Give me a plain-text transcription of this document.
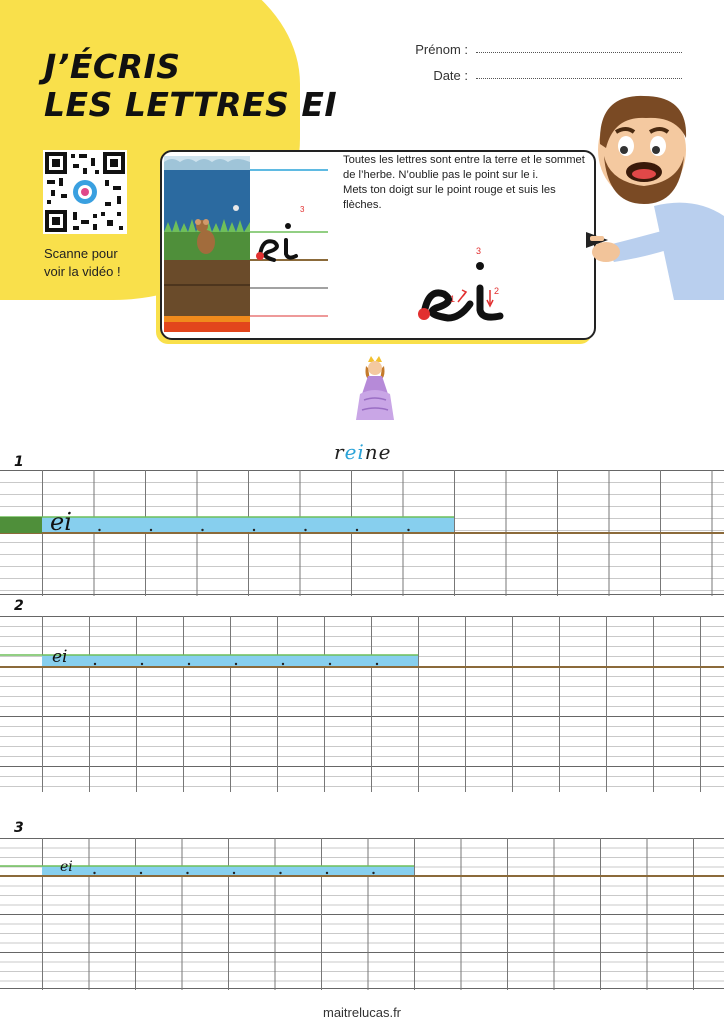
J’ÉCRIS
LES LETTRES EI
Prénom :
Date :
Scanne pour
voir la vidéo !
3
Toutes les lettres sont entre la terre et le sommet de l’herbe. N’oublie pas le point sur le i.
Mets ton doigt sur le point rouge et suis les flèches.
1
2
3
reine
1
2
3
ei
ei
ei
maitrelucas.fr
